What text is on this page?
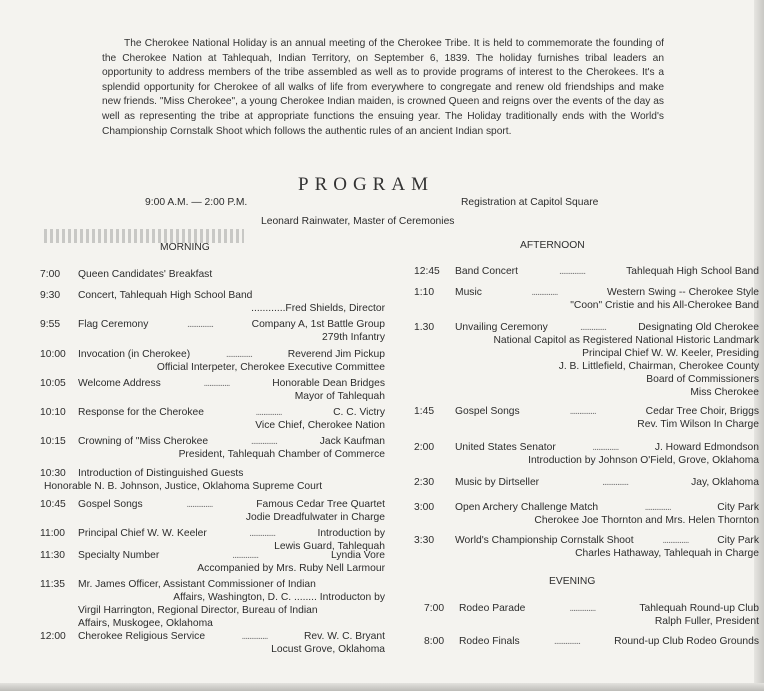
The Cherokee National Holiday is an annual meeting of the Cherokee Tribe. It is held to commemorate the founding of the Cherokee Nation at Tahlequah, Indian Territory, on September 6, 1839. The holiday furnishes tribal leaders an opportunity to address members of the tribe assembled as well as to provide programs of interest to the Cherokees. It's a splendid opportunity for Cherokee of all walks of life from everywhere to congregate and renew old friendships and make new friends. "Miss Cherokee", a young Cherokee Indian maiden, is crowned Queen and reigns over the events of the day as well as representing the tribe at appropriate functions the ensuing year. The Holiday traditionally ends with the World's Championship Cornstalk Shoot which follows the authentic rules of an ancient Indian sport.

PROGRAM
9:00 A.M. — 2:00 P.M.	Registration at Capitol Square
Leonard Rainwater, Master of Ceremonies
MORNING	AFTERNOON
EVENING
7:00 Queen Candidates' Breakfast
9:30 Concert, Tahlequah High School Band
............Fred Shields, Director
9:55 Flag Ceremony	..............	Company A, 1st Battle Group
279th Infantry
10:00 Invocation (in Cherokee)	..............	Reverend Jim Pickup
Official Interpeter, Cherokee Executive Committee
10:05 Welcome Address	..............	Honorable Dean Bridges
Mayor of Tahlequah
10:10 Response for the Cherokee	..............	C. C. Victry
Vice Chief, Cherokee Nation
10:15 Crowning of "Miss Cherokee	..............	Jack Kaufman
President, Tahlequah Chamber of Commerce
10:30 Introduction of Distinguished Guests
Honorable N. B. Johnson, Justice, Oklahoma Supreme Court
10:45 Gospel Songs	..............	Famous Cedar Tree Quartet
Jodie Dreadfulwater in Charge
11:00 Principal Chief W. W. Keeler	..............	Introduction by
Lewis Guard, Tahlequah
11:30 Specialty Number	..............	Lyndia Vore
Accompanied by Mrs. Ruby Nell Larmour
11:35 Mr. James Officer, Assistant Commissioner of Indian
Affairs, Washington, D. C. ........ Introducton by
Virgil Harrington, Regional Director, Bureau of Indian
Affairs, Muskogee, Oklahoma
12:00 Cherokee Religious Service	..............	Rev. W. C. Bryant
Locust Grove, Oklahoma
12:45 Band Concert	..............	Tahlequah High School Band
1:10 Music	..............	Western Swing -- Cherokee Style
"Coon" Cristie and his All-Cherokee Band
1.30 Unvailing Ceremony	..............	Designating Old Cherokee
National Capitol as Registered National Historic Landmark
Principal Chief W. W. Keeler, Presiding
J. B. Littlefield, Chairman, Cherokee County
Board of Commissioners
Miss Cherokee
1:45 Gospel Songs	..............	Cedar Tree Choir, Briggs
Rev. Tim Wilson In Charge
2:00 United States Senator	..............	J. Howard Edmondson
Introduction by Johnson O'Field, Grove, Oklahoma
2:30 Music by Dirtseller	..............	Jay, Oklahoma
3:00 Open Archery Challenge Match	..............	City Park
Cherokee Joe Thornton and Mrs. Helen Thornton
3:30 World's Championship Cornstalk Shoot	..............	City Park
Charles Hathaway, Tahlequah in Charge
7:00 Rodeo Parade	..............	Tahlequah Round-up Club
Ralph Fuller, President
8:00 Rodeo Finals	..............	Round-up Club Rodeo Grounds
